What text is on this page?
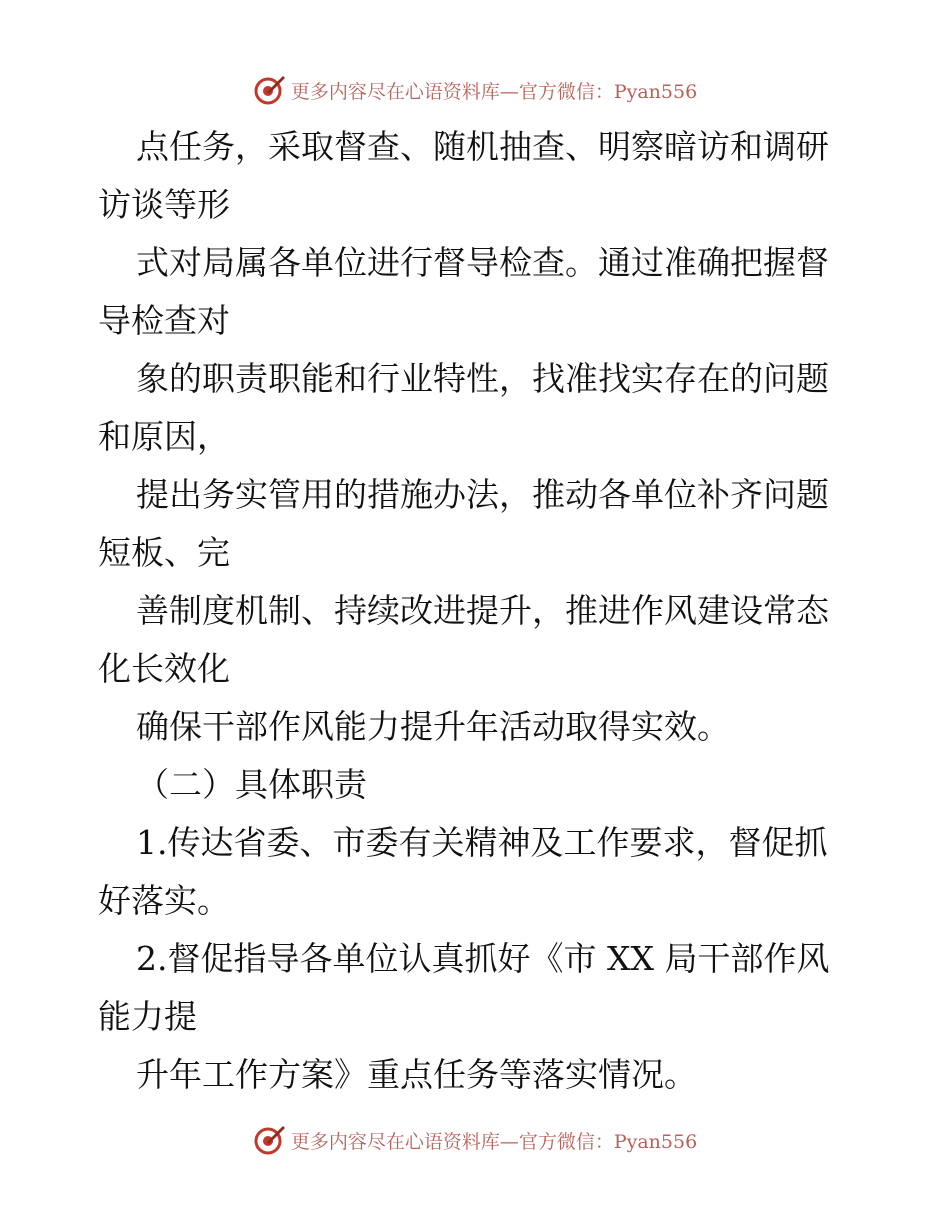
更多内容尽在心语资料库—官方微信：Pyan556
点任务，采取督查、随机抽查、明察暗访和调研
访谈等形
式对局属各单位进行督导检查。通过准确把握督
导检查对
象的职责职能和行业特性，找准找实存在的问题
和原因，
提出务实管用的措施办法，推动各单位补齐问题
短板、完
善制度机制、持续改进提升，推进作风建设常态
化长效化
确保干部作风能力提升年活动取得实效。
（二）具体职责
1.传达省委、市委有关精神及工作要求，督促抓
好落实。
2.督促指导各单位认真抓好《市 XX 局干部作风
能力提
升年工作方案》重点任务等落实情况。
更多内容尽在心语资料库—官方微信：Pyan556
